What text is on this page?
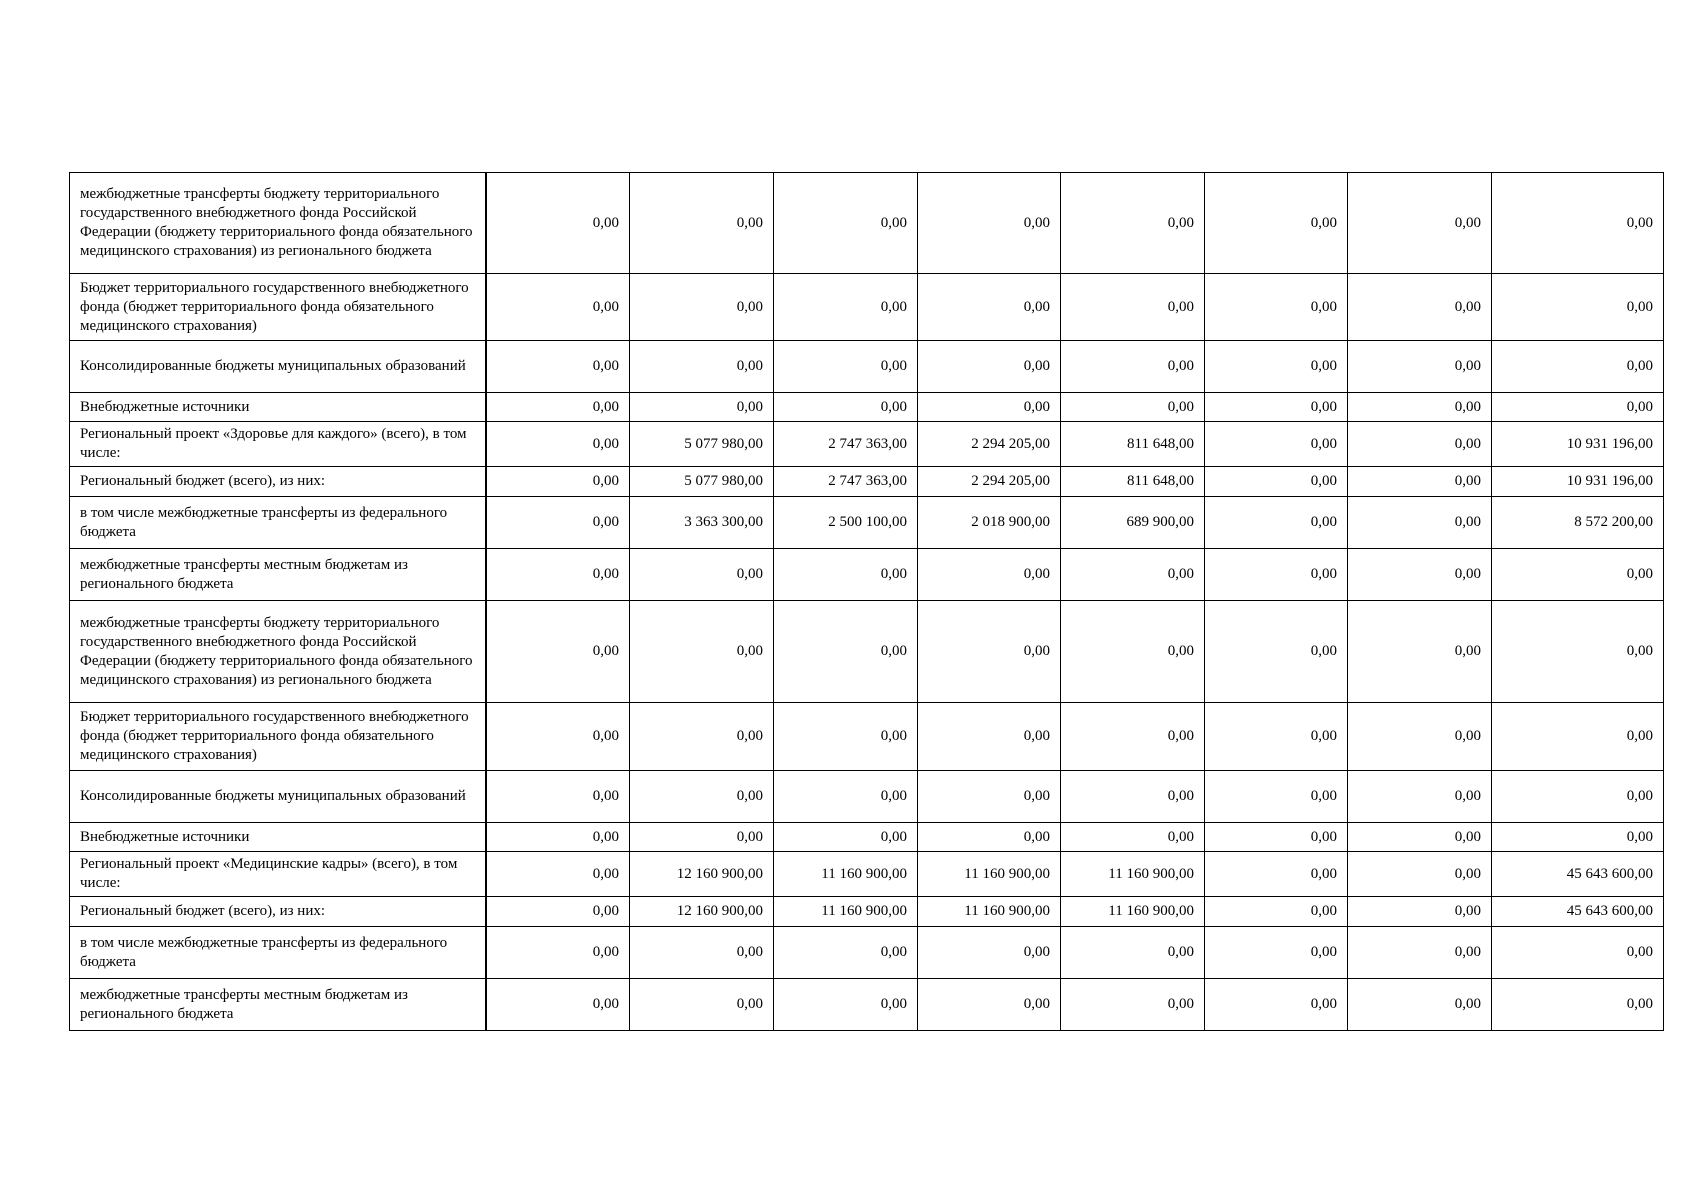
межбюджетные трансферты бюджету территориального государственного внебюджетного фонда Российской Федерации (бюджету территориального фонда обязательного медицинского страхования) из регионального бюджета	0,00	0,00	0,00	0,00	0,00	0,00	0,00	0,00
Бюджет территориального государственного внебюджетного фонда (бюджет территориального фонда обязательного медицинского страхования)	0,00	0,00	0,00	0,00	0,00	0,00	0,00	0,00
Консолидированные бюджеты муниципальных образований	0,00	0,00	0,00	0,00	0,00	0,00	0,00	0,00
Внебюджетные источники	0,00	0,00	0,00	0,00	0,00	0,00	0,00	0,00
Региональный проект «Здоровье для каждого» (всего), в том числе:	0,00	5 077 980,00	2 747 363,00	2 294 205,00	811 648,00	0,00	0,00	10 931 196,00
Региональный бюджет (всего), из них:	0,00	5 077 980,00	2 747 363,00	2 294 205,00	811 648,00	0,00	0,00	10 931 196,00
в том числе межбюджетные трансферты из федерального бюджета	0,00	3 363 300,00	2 500 100,00	2 018 900,00	689 900,00	0,00	0,00	8 572 200,00
межбюджетные трансферты местным бюджетам из регионального бюджета	0,00	0,00	0,00	0,00	0,00	0,00	0,00	0,00
межбюджетные трансферты бюджету территориального государственного внебюджетного фонда Российской Федерации (бюджету территориального фонда обязательного медицинского страхования) из регионального бюджета	0,00	0,00	0,00	0,00	0,00	0,00	0,00	0,00
Бюджет территориального государственного внебюджетного фонда (бюджет территориального фонда обязательного медицинского страхования)	0,00	0,00	0,00	0,00	0,00	0,00	0,00	0,00
Консолидированные бюджеты муниципальных образований	0,00	0,00	0,00	0,00	0,00	0,00	0,00	0,00
Внебюджетные источники	0,00	0,00	0,00	0,00	0,00	0,00	0,00	0,00
Региональный проект «Медицинские кадры» (всего), в том числе:	0,00	12 160 900,00	11 160 900,00	11 160 900,00	11 160 900,00	0,00	0,00	45 643 600,00
Региональный бюджет (всего), из них:	0,00	12 160 900,00	11 160 900,00	11 160 900,00	11 160 900,00	0,00	0,00	45 643 600,00
в том числе межбюджетные трансферты из федерального бюджета	0,00	0,00	0,00	0,00	0,00	0,00	0,00	0,00
межбюджетные трансферты местным бюджетам из регионального бюджета	0,00	0,00	0,00	0,00	0,00	0,00	0,00	0,00
